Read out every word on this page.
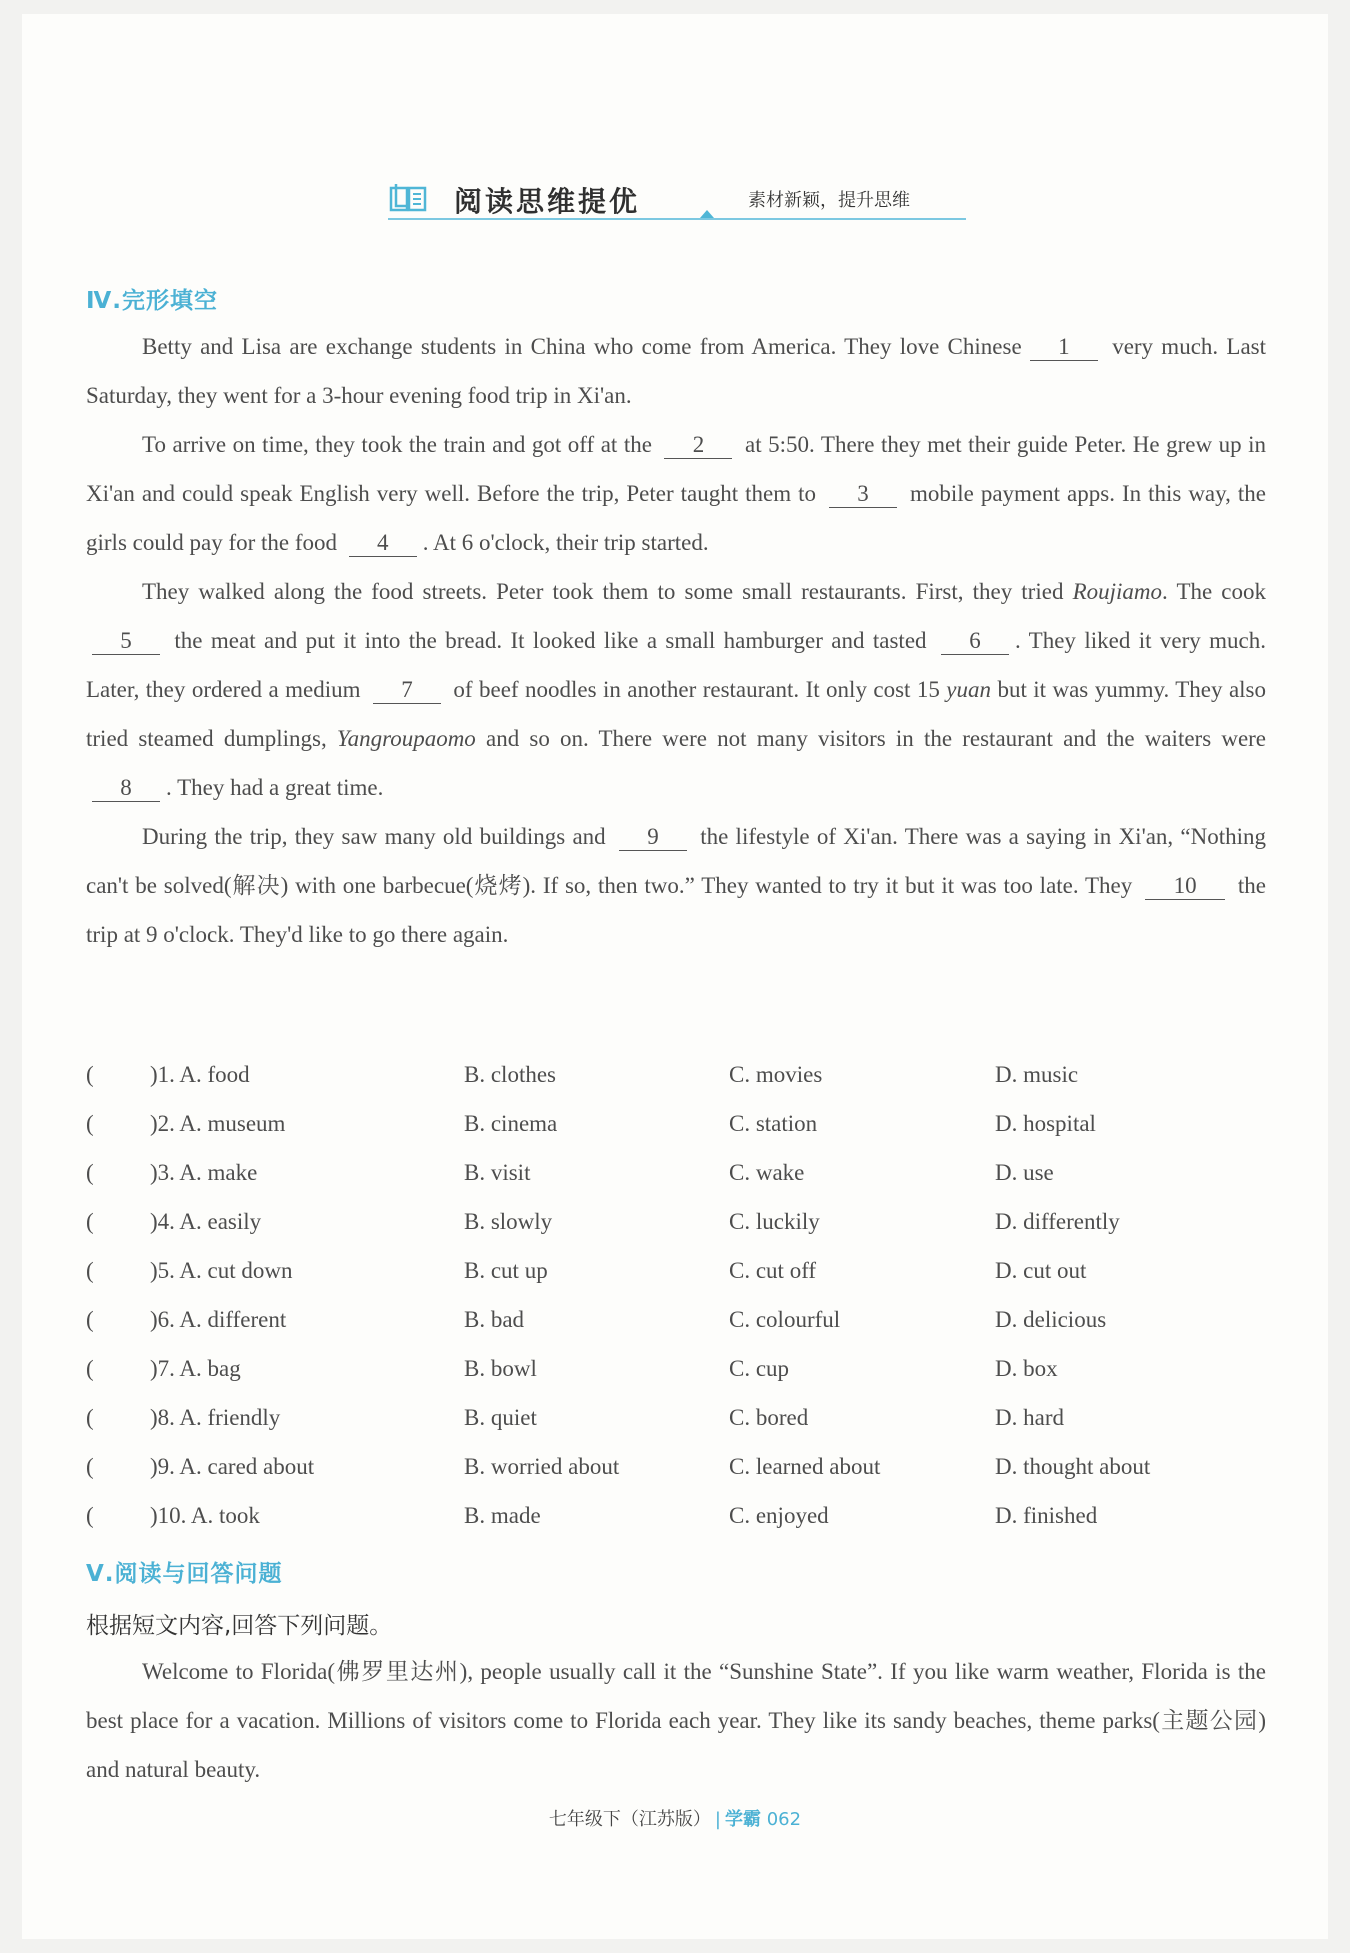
阅读思维提优	素材新颖，提升思维
Ⅳ.完形填空

Betty and Lisa are exchange students in China who come from America. They love Chinese 1 very much. Last Saturday, they went for a 3-hour evening food trip in Xi'an.

To arrive on time, they took the train and got off at the 2 at 5:50. There they met their guide Peter. He grew up in Xi'an and could speak English very well. Before the trip, Peter taught them to 3 mobile payment apps. In this way, the girls could pay for the food 4 . At 6 o'clock, their trip started.

They walked along the food streets. Peter took them to some small restaurants. First, they tried Roujiamo. The cook 5 the meat and put it into the bread. It looked like a small hamburger and tasted 6 . They liked it very much. Later, they ordered a medium 7 of beef noodles in another restaurant. It only cost 15 yuan but it was yummy. They also tried steamed dumplings, Yangroupaomo and so on. There were not many visitors in the restaurant and the waiters were 8 . They had a great time.

During the trip, they saw many old buildings and 9 the lifestyle of Xi'an. There was a saying in Xi'an, “Nothing can't be solved(解决) with one barbecue(烧烤). If so, then two.” They wanted to try it but it was too late. They 10 the trip at 9 o'clock. They'd like to go there again.

( )1. A. food	B. clothes	C. movies	D. music
( )2. A. museum	B. cinema	C. station	D. hospital
( )3. A. make	B. visit	C. wake	D. use
( )4. A. easily	B. slowly	C. luckily	D. differently
( )5. A. cut down	B. cut up	C. cut off	D. cut out
( )6. A. different	B. bad	C. colourful	D. delicious
( )7. A. bag	B. bowl	C. cup	D. box
( )8. A. friendly	B. quiet	C. bored	D. hard
( )9. A. cared about	B. worried about	C. learned about	D. thought about
( )10. A. took	B. made	C. enjoyed	D. finished
Ⅴ.阅读与回答问题
根据短文内容,回答下列问题。

Welcome to Florida(佛罗里达州), people usually call it the “Sunshine State”. If you like warm weather, Florida is the best place for a vacation. Millions of visitors come to Florida each year. They like its sandy beaches, theme parks(主题公园) and natural beauty.

七年级下（江苏版） | 学霸 062
